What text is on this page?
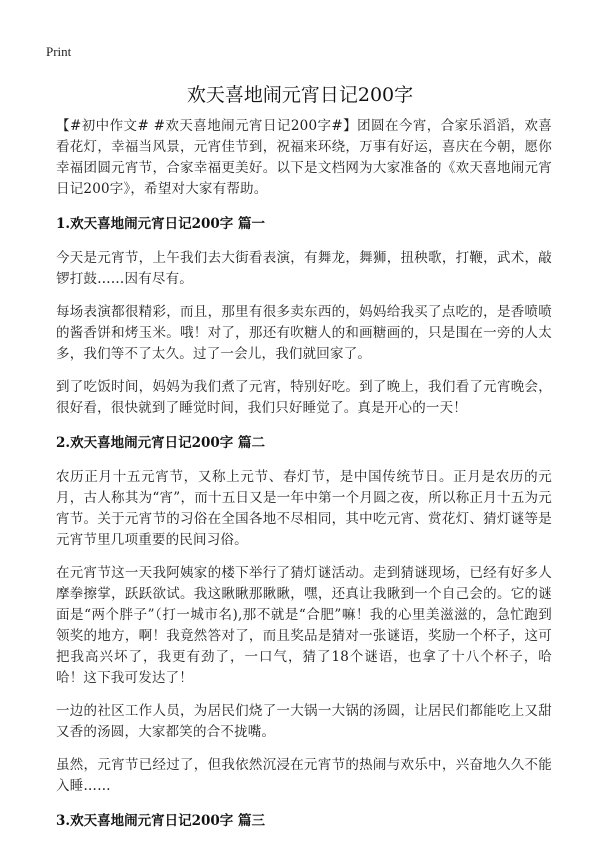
Print
欢天喜地闹元宵日记200字

【#初中作文# #欢天喜地闹元宵日记200字#】团圆在今宵，合家乐滔滔，欢喜看花灯，幸福当风景，元宵佳节到，祝福来环绕，万事有好运，喜庆在今朝，愿你幸福团圆元宵节，合家幸福更美好。以下是文档网为大家准备的《欢天喜地闹元宵日记200字》，希望对大家有帮助。

1.欢天喜地闹元宵日记200字 篇一

今天是元宵节，上午我们去大街看表演，有舞龙，舞狮，扭秧歌，打鞭，武术，敲锣打鼓……因有尽有。

每场表演都很精彩，而且，那里有很多卖东西的，妈妈给我买了点吃的，是香喷喷的酱香饼和烤玉米。哦！对了，那还有吹糖人的和画糖画的，只是围在一旁的人太多，我们等不了太久。过了一会儿，我们就回家了。

到了吃饭时间，妈妈为我们煮了元宵，特别好吃。到了晚上，我们看了元宵晚会，很好看，很快就到了睡觉时间，我们只好睡觉了。真是开心的一天！

2.欢天喜地闹元宵日记200字 篇二

农历正月十五元宵节，又称上元节、春灯节，是中国传统节日。正月是农历的元月，古人称其为“宵”，而十五日又是一年中第一个月圆之夜，所以称正月十五为元宵节。关于元宵节的习俗在全国各地不尽相同，其中吃元宵、赏花灯、猜灯谜等是元宵节里几项重要的民间习俗。

在元宵节这一天我阿姨家的楼下举行了猜灯谜活动。走到猜谜现场，已经有好多人摩拳擦掌，跃跃欲试。我这瞅瞅那瞅瞅，嘿，还真让我瞅到一个自己会的。它的谜面是“两个胖子”（打一城市名),那不就是“合肥”嘛！我的心里美滋滋的，急忙跑到领奖的地方，啊！我竟然答对了，而且奖品是猜对一张谜语，奖励一个杯子，这可把我高兴坏了，我更有劲了，一口气，猜了18个谜语，也拿了十八个杯子，哈哈！这下我可发达了！

一边的社区工作人员，为居民们烧了一大锅一大锅的汤圆，让居民们都能吃上又甜又香的汤圆，大家都笑的合不拢嘴。

虽然，元宵节已经过了，但我依然沉浸在元宵节的热闹与欢乐中，兴奋地久久不能入睡……

3.欢天喜地闹元宵日记200字 篇三
